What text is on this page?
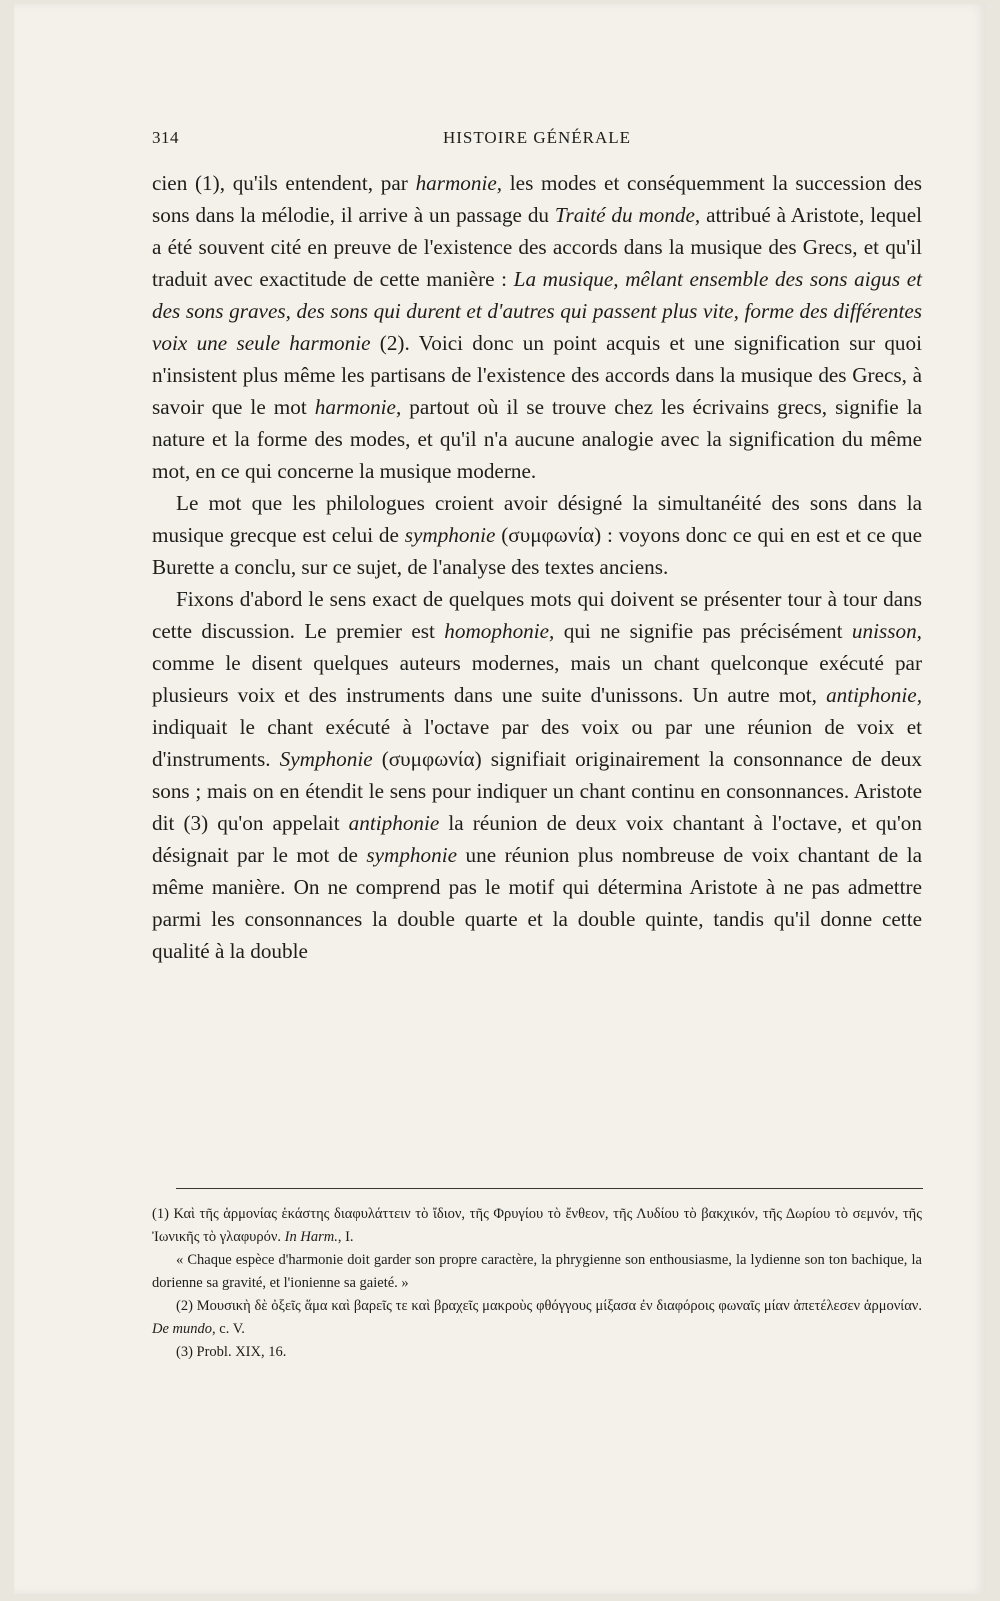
314	HISTOIRE GÉNÉRALE

cien (1), qu'ils entendent, par harmonie, les modes et conséquemment la succession des sons dans la mélodie, il arrive à un passage du Traité du monde, attribué à Aristote, lequel a été souvent cité en preuve de l'existence des accords dans la musique des Grecs, et qu'il traduit avec exactitude de cette manière : La musique, mêlant ensemble des sons aigus et des sons graves, des sons qui durent et d'autres qui passent plus vite, forme des différentes voix une seule harmonie (2). Voici donc un point acquis et une signification sur quoi n'insistent plus même les partisans de l'existence des accords dans la musique des Grecs, à savoir que le mot harmonie, partout où il se trouve chez les écrivains grecs, signifie la nature et la forme des modes, et qu'il n'a aucune analogie avec la signification du même mot, en ce qui concerne la musique moderne.

Le mot que les philologues croient avoir désigné la simultanéité des sons dans la musique grecque est celui de symphonie (συμφωνία) : voyons donc ce qui en est et ce que Burette a conclu, sur ce sujet, de l'analyse des textes anciens.

Fixons d'abord le sens exact de quelques mots qui doivent se présenter tour à tour dans cette discussion. Le premier est homophonie, qui ne signifie pas précisément unisson, comme le disent quelques auteurs modernes, mais un chant quelconque exécuté par plusieurs voix et des instruments dans une suite d'unissons. Un autre mot, antiphonie, indiquait le chant exécuté à l'octave par des voix ou par une réunion de voix et d'instruments. Symphonie (συμφωνία) signifiait originairement la consonnance de deux sons ; mais on en étendit le sens pour indiquer un chant continu en consonnances. Aristote dit (3) qu'on appelait antiphonie la réunion de deux voix chantant à l'octave, et qu'on désignait par le mot de symphonie une réunion plus nombreuse de voix chantant de la même manière. On ne comprend pas le motif qui détermina Aristote à ne pas admettre parmi les consonnances la double quarte et la double quinte, tandis qu'il donne cette qualité à la double

(1) Καὶ τῆς ἁρμονίας ἑκάστης διαφυλάττειν τὸ ἴδιον, τῆς Φρυγίου τὸ ἔνθεον, τῆς Λυδίου τὸ βακχικόν, τῆς Δωρίου τὸ σεμνόν, τῆς Ἰωνικῆς τὸ γλαφυρόν. In Harm., I.

« Chaque espèce d'harmonie doit garder son propre caractère, la phrygienne son enthousiasme, la lydienne son ton bachique, la dorienne sa gravité, et l'ionienne sa gaieté. »

(2) Μουσικὴ δὲ ὀξεῖς ἅμα καὶ βαρεῖς τε καὶ βραχεῖς μακροὺς φθόγγους μίξασα ἐν διαφόροις φωναῖς μίαν ἀπετέλεσεν ἁρμονίαν. De mundo, c. V.

(3) Probl. XIX, 16.
